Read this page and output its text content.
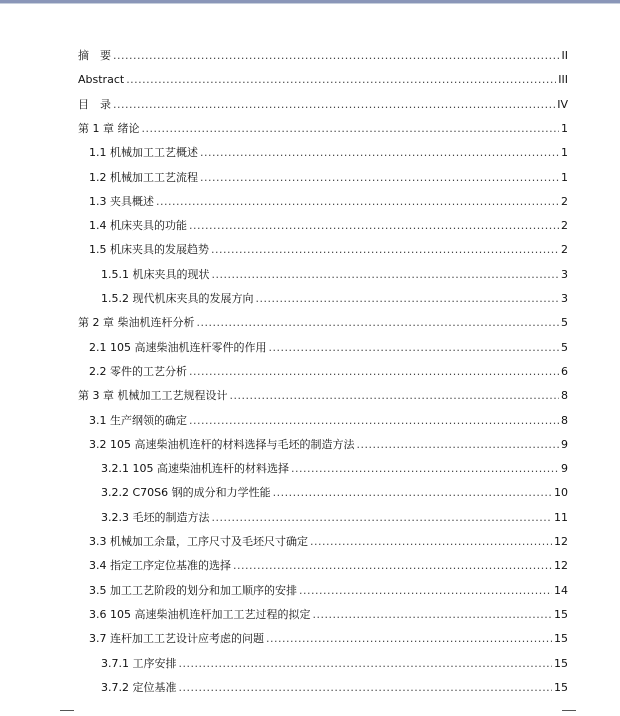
摘　要 .....	II
Abstract .....	III
目　录 .....	IV
第 1 章 绪论 .....	1
1.1 机械加工工艺概述 .....	1
1.2 机械加工工艺流程 .....	1
1.3 夹具概述 .....	2
1.4 机床夹具的功能 .....	2
1.5 机床夹具的发展趋势 .....	2
1.5.1 机床夹具的现状 .....	3
1.5.2 现代机床夹具的发展方向 .....	3
第 2 章 柴油机连杆分析 .....	5
2.1 105 高速柴油机连杆零件的作用 .....	5
2.2 零件的工艺分析 .....	6
第 3 章 机械加工工艺规程设计 .....	8
3.1 生产纲领的确定 .....	8
3.2 105 高速柴油机连杆的材料选择与毛坯的制造方法 .....	9
3.2.1 105 高速柴油机连杆的材料选择 .....	9
3.2.2 C70S6 钢的成分和力学性能 .....	10
3.2.3 毛坯的制造方法 .....	11
3.3 机械加工余量，工序尺寸及毛坯尺寸确定 .....	12
3.4 指定工序定位基准的选择 .....	12
3.5 加工工艺阶段的划分和加工顺序的安排 .....	14
3.6 105 高速柴油机连杆加工工艺过程的拟定 .....	15
3.7 连杆加工工艺设计应考虑的问题 .....	15
3.7.1 工序安排 .....	15
3.7.2 定位基准 .....	15
